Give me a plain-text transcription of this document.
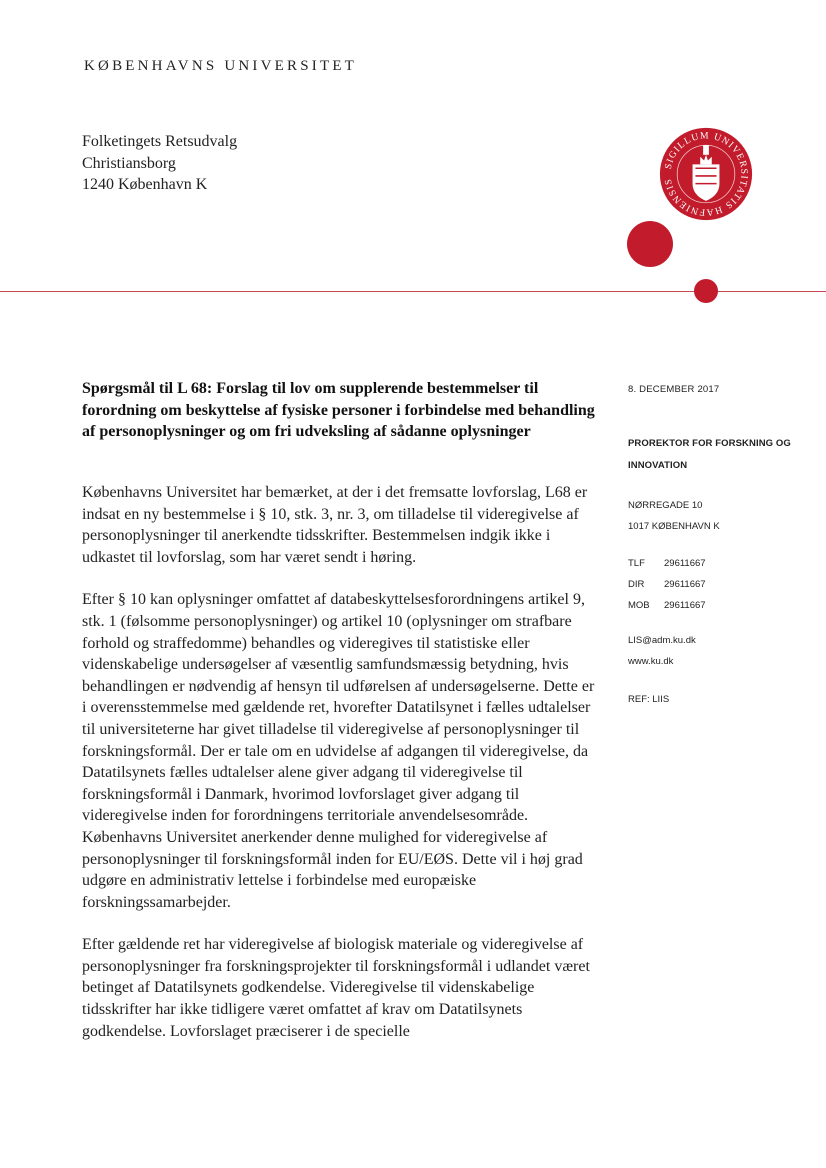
KØBENHAVNS UNIVERSITET
Folketingets Retsudvalg
Christiansborg
1240 København K
SIGILLUM UNIVERSITATIS HAFNIENSIS
Spørgsmål til L 68: Forslag til lov om supplerende bestemmelser til forordning om beskyttelse af fysiske personer i forbindelse med behandling af personoplysninger og om fri udveksling af sådanne oplysninger

Københavns Universitet har bemærket, at der i det fremsatte lovforslag, L68 er indsat en ny bestemmelse i § 10, stk. 3, nr. 3, om tilladelse til videregivelse af personoplysninger til anerkendte tidsskrifter. Bestemmelsen indgik ikke i udkastet til lovforslag, som har været sendt i høring.

Efter § 10 kan oplysninger omfattet af databeskyttelsesforordningens artikel 9, stk. 1 (følsomme personoplysninger) og artikel 10 (oplysninger om strafbare forhold og straffedomme) behandles og videregives til statistiske eller videnskabelige undersøgelser af væsentlig samfundsmæssig betydning, hvis behandlingen er nødvendig af hensyn til udførelsen af undersøgelserne. Dette er i overensstemmelse med gældende ret, hvorefter Datatilsynet i fælles udtalelser til universiteterne har givet tilladelse til videregivelse af personoplysninger til forskningsformål. Der er tale om en udvidelse af adgangen til videregivelse, da Datatilsynets fælles udtalelser alene giver adgang til videregivelse til forskningsformål i Danmark, hvorimod lovforslaget giver adgang til videregivelse inden for forordningens territoriale anvendelsesområde. Københavns Universitet anerkender denne mulighed for videregivelse af personoplysninger til forskningsformål inden for EU/EØS. Dette vil i høj grad udgøre en administrativ lettelse i forbindelse med europæiske forskningssamarbejder.

Efter gældende ret har videregivelse af biologisk materiale og videregivelse af personoplysninger fra forskningsprojekter til forskningsformål i udlandet været betinget af Datatilsynets godkendelse. Videregivelse til videnskabelige tidsskrifter har ikke tidligere været omfattet af krav om Datatilsynets godkendelse. Lovforslaget præciserer i de specielle

8. DECEMBER 2017
PROREKTOR FOR FORSKNING OG
INNOVATION
NØRREGADE 10
1017 KØBENHAVN K
TLF	29611667
DIR	29611667
MOB	29611667
LIS@adm.ku.dk
www.ku.dk
REF: LIIS
